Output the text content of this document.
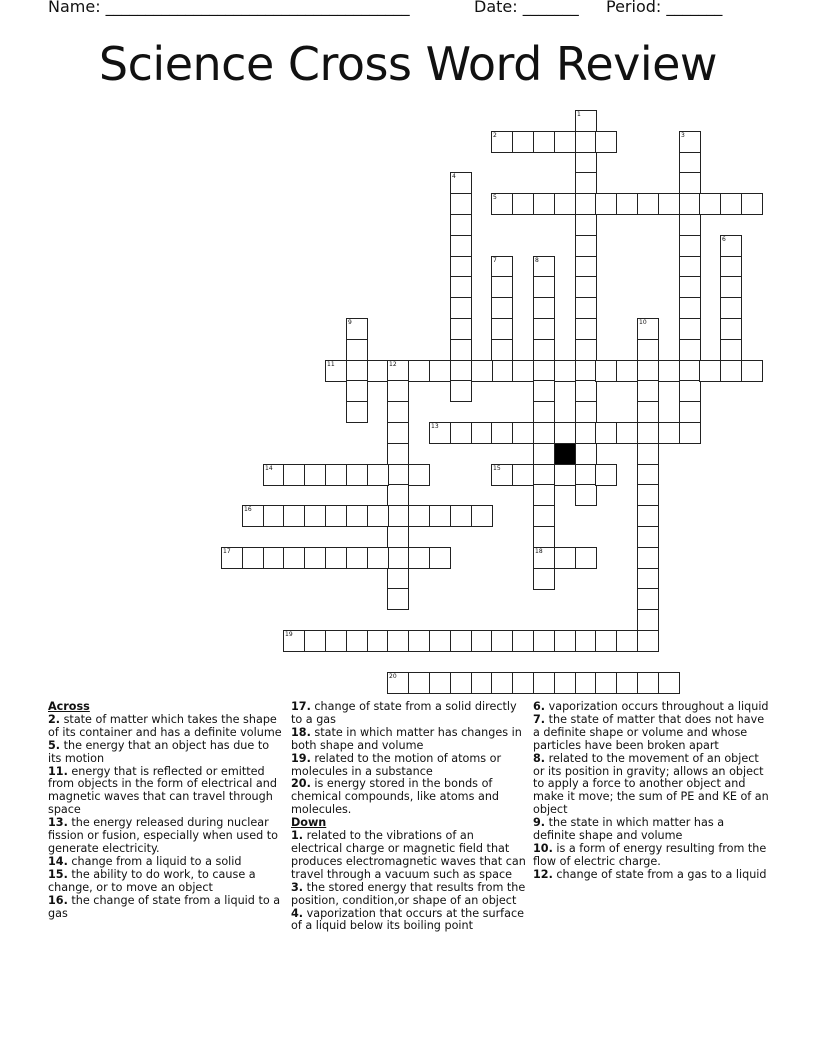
Name: ______________________________________	Date: _______ Period: _______
Science Cross Word Review
1
2	3
4
5
6
7	8
18
9	10
11	12
13
14	15
16
17
19
20
Across
2. state of matter which takes the shape of its container and has a definite volume
5. the energy that an object has due to its motion
11. energy that is reflected or emitted from objects in the form of electrical and magnetic waves that can travel through space
13. the energy released during nuclear fission or fusion, especially when used to generate electricity.
14. change from a liquid to a solid
15. the ability to do work, to cause a change, or to move an object
16. the change of state from a liquid to a gas
17. change of state from a solid directly to a gas
18. state in which matter has changes in both shape and volume
19. related to the motion of atoms or molecules in a substance
20. is energy stored in the bonds of chemical compounds, like atoms and molecules.
Down
1. related to the vibrations of an electrical charge or magnetic field that produces electromagnetic waves that can travel through a vacuum such as space
3. the stored energy that results from the position, condition,or shape of an object
4. vaporization that occurs at the surface of a liquid below its boiling point
6. vaporization occurs throughout a liquid
7. the state of matter that does not have a definite shape or volume and whose particles have been broken apart
8. related to the movement of an object or its position in gravity; allows an object to apply a force to another object and make it move; the sum of PE and KE of an object
9. the state in which matter has a definite shape and volume
10. is a form of energy resulting from the flow of electric charge.
12. change of state from a gas to a liquid
